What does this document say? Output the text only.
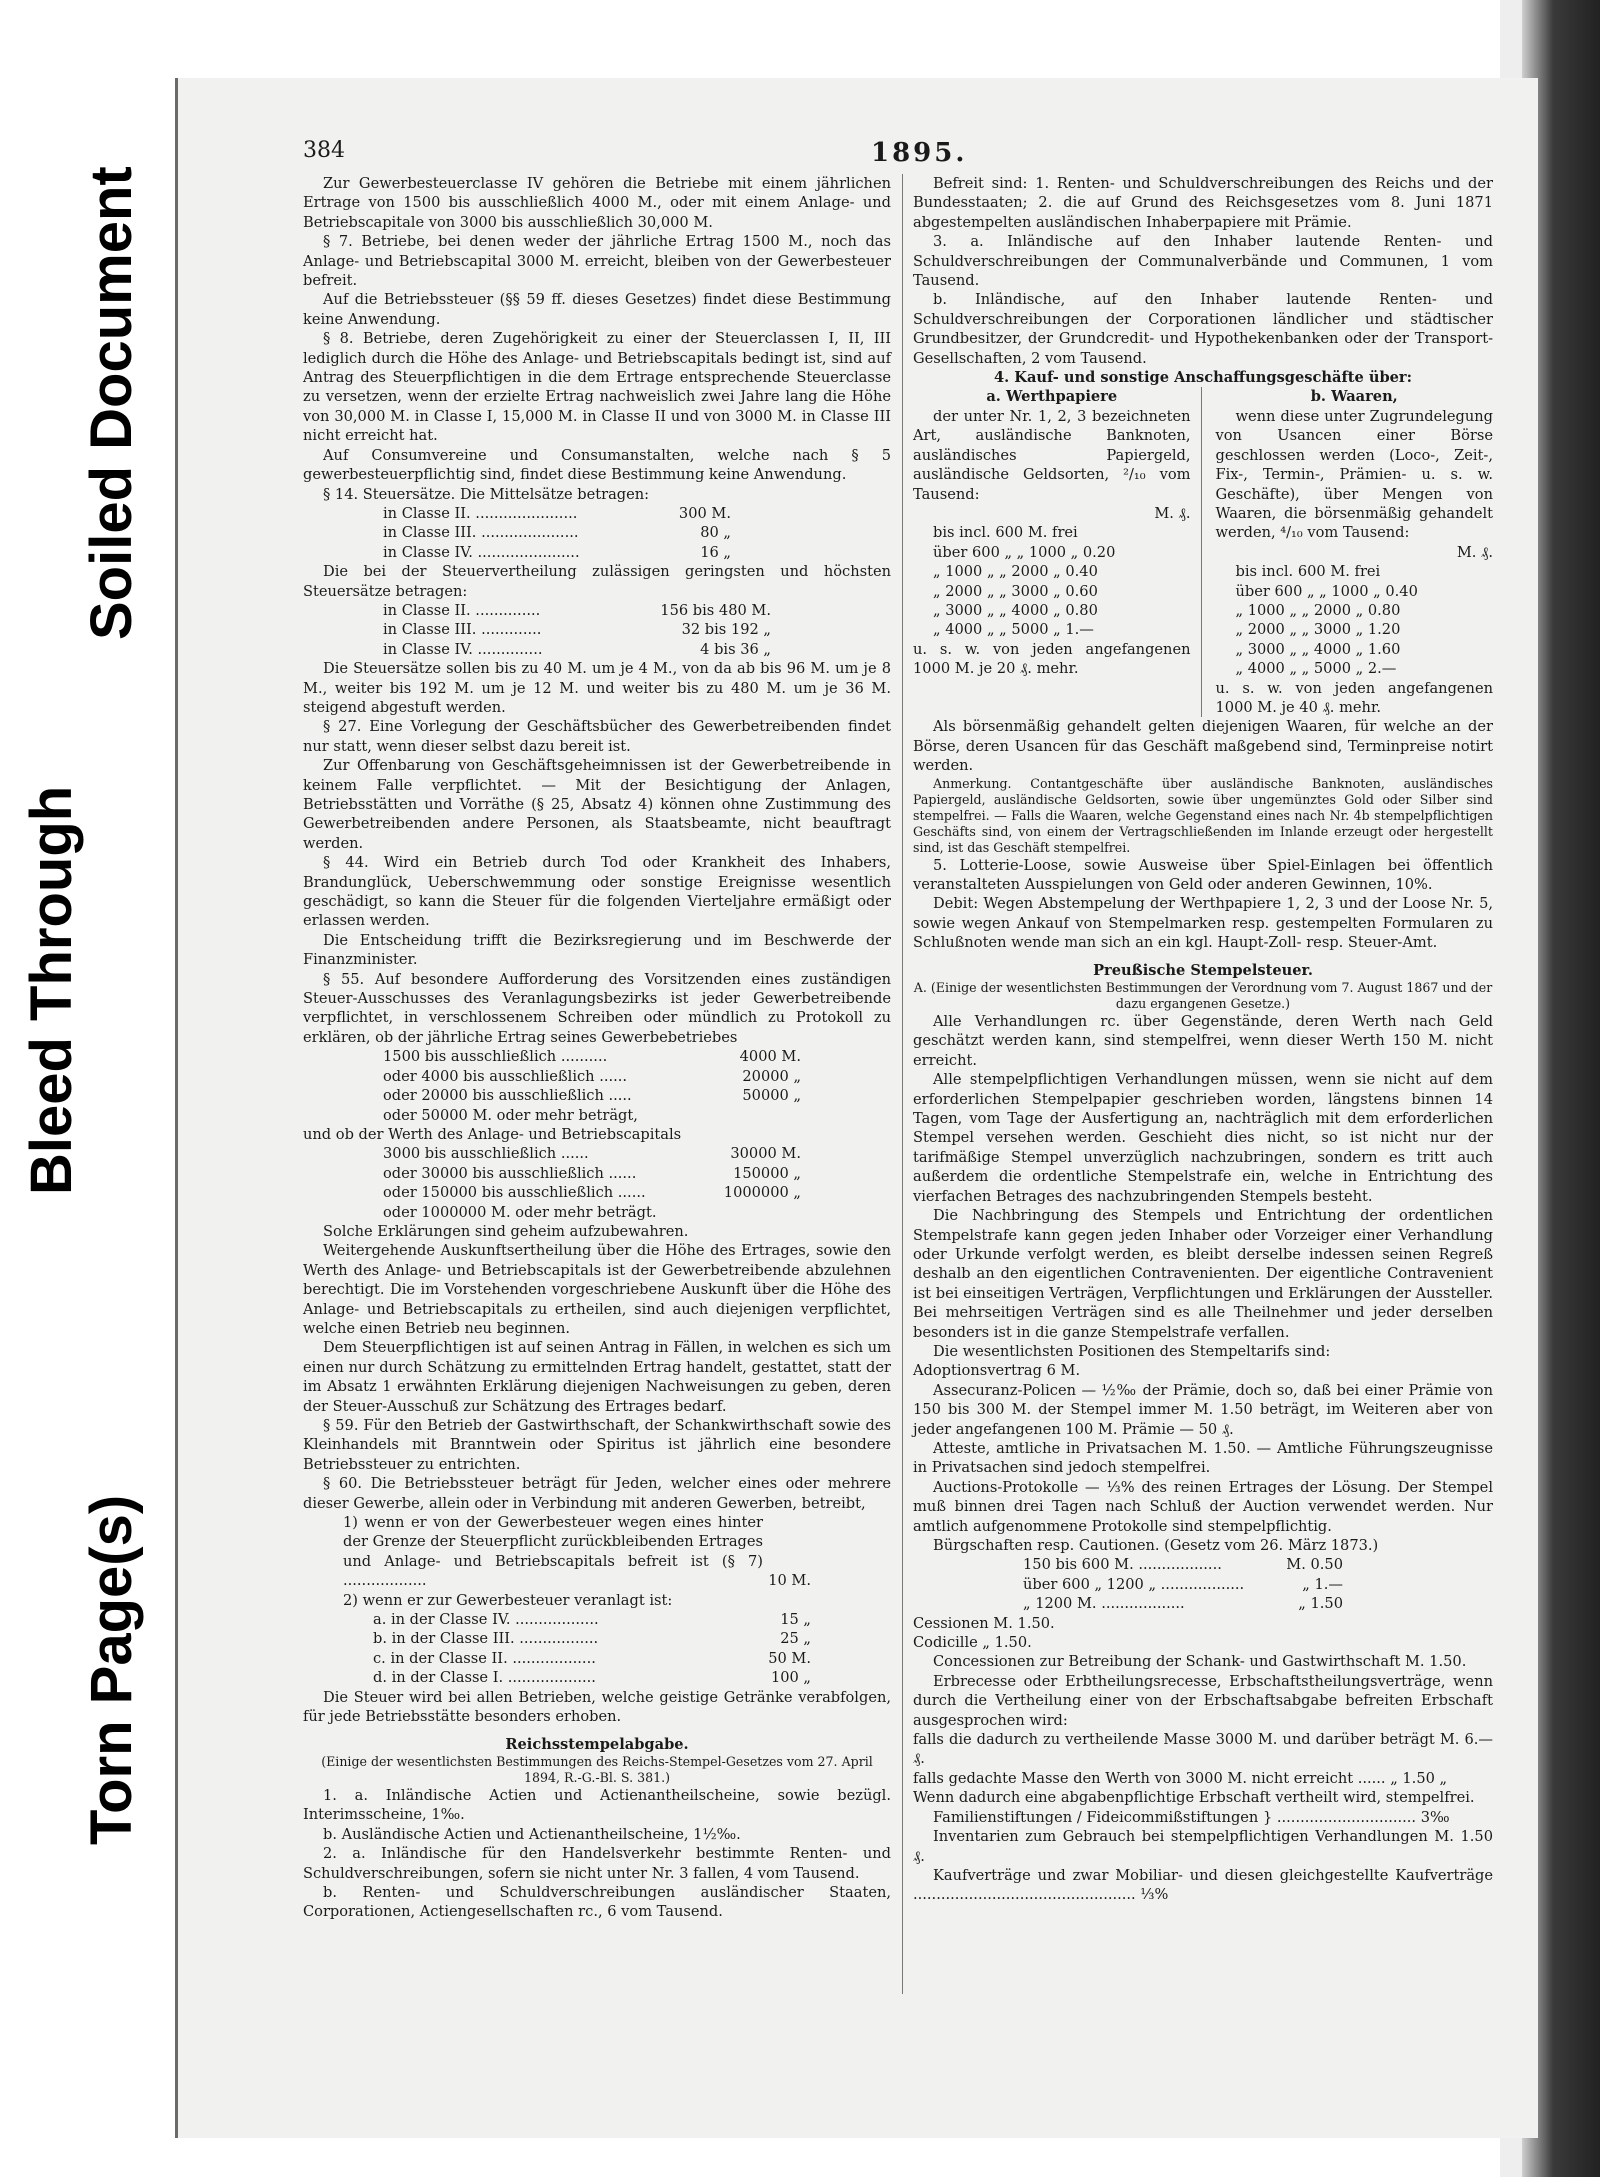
Bleed Through
Soiled Document
Torn Page(s)
384	1895.

Zur Gewerbesteuerclasse IV gehören die Betriebe mit einem jährlichen Ertrage von 1500 bis ausschließlich 4000 M., oder mit einem Anlage- und Betriebscapitale von 3000 bis ausschließlich 30,000 M.

§ 7. Betriebe, bei denen weder der jährliche Ertrag 1500 M., noch das Anlage- und Betriebscapital 3000 M. erreicht, bleiben von der Gewerbesteuer befreit.

Auf die Betriebssteuer (§§ 59 ff. dieses Gesetzes) findet diese Bestimmung keine Anwendung.

§ 8. Betriebe, deren Zugehörigkeit zu einer der Steuerclassen I, II, III lediglich durch die Höhe des Anlage- und Betriebscapitals bedingt ist, sind auf Antrag des Steuerpflichtigen in die dem Ertrage entsprechende Steuerclasse zu versetzen, wenn der erzielte Ertrag nachweislich zwei Jahre lang die Höhe von 30,000 M. in Classe I, 15,000 M. in Classe II und von 3000 M. in Classe III nicht erreicht hat.

Auf Consumvereine und Consumanstalten, welche nach § 5 gewerbesteuerpflichtig sind, findet diese Bestimmung keine Anwendung.

§ 14. Steuersätze. Die Mittelsätze betragen:

in Classe II. ......................	300 M.
in Classe III. .....................	80 „
in Classe IV. ......................	16 „

Die bei der Steuervertheilung zulässigen geringsten und höchsten Steuersätze betragen:

in Classe II. ..............	156 bis 480 M.
in Classe III. .............	32 bis 192 „
in Classe IV. ..............	4 bis 36 „

Die Steuersätze sollen bis zu 40 M. um je 4 M., von da ab bis 96 M. um je 8 M., weiter bis 192 M. um je 12 M. und weiter bis zu 480 M. um je 36 M. steigend abgestuft werden.

§ 27. Eine Vorlegung der Geschäftsbücher des Gewerbetreibenden findet nur statt, wenn dieser selbst dazu bereit ist.

Zur Offenbarung von Geschäftsgeheimnissen ist der Gewerbetreibende in keinem Falle verpflichtet. — Mit der Besichtigung der Anlagen, Betriebsstätten und Vorräthe (§ 25, Absatz 4) können ohne Zustimmung des Gewerbetreibenden andere Personen, als Staatsbeamte, nicht beauftragt werden.

§ 44. Wird ein Betrieb durch Tod oder Krankheit des Inhabers, Brandunglück, Ueberschwemmung oder sonstige Ereignisse wesentlich geschädigt, so kann die Steuer für die folgenden Vierteljahre ermäßigt oder erlassen werden.

Die Entscheidung trifft die Bezirksregierung und im Beschwerde der Finanzminister.

§ 55. Auf besondere Aufforderung des Vorsitzenden eines zuständigen Steuer-Ausschusses des Veranlagungsbezirks ist jeder Gewerbetreibende verpflichtet, in verschlossenem Schreiben oder mündlich zu Protokoll zu erklären, ob der jährliche Ertrag seines Gewerbebetriebes

1500 bis ausschließlich ..........	4000 M.
oder 4000 bis ausschließlich ......	20000 „
oder 20000 bis ausschließlich .....	50000 „
oder 50000 M. oder mehr beträgt,

und ob der Werth des Anlage- und Betriebscapitals

3000 bis ausschließlich ......	30000 M.
oder 30000 bis ausschließlich ......	150000 „
oder 150000 bis ausschließlich ......	1000000 „
oder 1000000 M. oder mehr beträgt.

Solche Erklärungen sind geheim aufzubewahren.

Weitergehende Auskunftsertheilung über die Höhe des Ertrages, sowie den Werth des Anlage- und Betriebscapitals ist der Gewerbetreibende abzulehnen berechtigt. Die im Vorstehenden vorgeschriebene Auskunft über die Höhe des Anlage- und Betriebscapitals zu ertheilen, sind auch diejenigen verpflichtet, welche einen Betrieb neu beginnen.

Dem Steuerpflichtigen ist auf seinen Antrag in Fällen, in welchen es sich um einen nur durch Schätzung zu ermittelnden Ertrag handelt, gestattet, statt der im Absatz 1 erwähnten Erklärung diejenigen Nachweisungen zu geben, deren der Steuer-Ausschuß zur Schätzung des Ertrages bedarf.

§ 59. Für den Betrieb der Gastwirthschaft, der Schankwirthschaft sowie des Kleinhandels mit Branntwein oder Spiritus ist jährlich eine besondere Betriebssteuer zu entrichten.

§ 60. Die Betriebssteuer beträgt für Jeden, welcher eines oder mehrere dieser Gewerbe, allein oder in Verbindung mit anderen Gewerben, betreibt,

1) wenn er von der Gewerbesteuer wegen eines hinter der Grenze der Steuerpflicht zurückbleibenden Ertrages und Anlage- und Betriebscapitals befreit ist (§ 7) ..................	10 M.
2) wenn er zur Gewerbesteuer veranlagt ist:
a. in der Classe IV. ..................	15 „
b. in der Classe III. .................	25 „
c. in der Classe II. ..................	50 M.
d. in der Classe I. ...................	100 „

Die Steuer wird bei allen Betrieben, welche geistige Getränke verabfolgen, für jede Betriebsstätte besonders erhoben.

Reichsstempelabgabe.

(Einige der wesentlichsten Bestimmungen des Reichs-Stempel-Gesetzes vom 27. April 1894, R.-G.-Bl. S. 381.)

1. a. Inländische Actien und Actienantheilscheine, sowie bezügl. Interimsscheine, 1‰.

b. Ausländische Actien und Actienantheilscheine, 1½‰.

2. a. Inländische für den Handelsverkehr bestimmte Renten- und Schuldverschreibungen, sofern sie nicht unter Nr. 3 fallen, 4 vom Tausend.

b. Renten- und Schuldverschreibungen ausländischer Staaten, Corporationen, Actiengesellschaften rc., 6 vom Tausend.

Befreit sind: 1. Renten- und Schuldverschreibungen des Reichs und der Bundesstaaten; 2. die auf Grund des Reichsgesetzes vom 8. Juni 1871 abgestempelten ausländischen Inhaberpapiere mit Prämie.

3. a. Inländische auf den Inhaber lautende Renten- und Schuldverschreibungen der Communalverbände und Communen, 1 vom Tausend.

b. Inländische, auf den Inhaber lautende Renten- und Schuldverschreibungen der Corporationen ländlicher und städtischer Grundbesitzer, der Grundcredit- und Hypothekenbanken oder der Transport-Gesellschaften, 2 vom Tausend.

4. Kauf- und sonstige Anschaffungsgeschäfte über:

a. Werthpapiere

der unter Nr. 1, 2, 3 bezeichneten Art, ausländische Banknoten, ausländisches Papiergeld, ausländische Geldsorten, ²/₁₀ vom Tausend:

M. ₰.

bis incl. 600 M. frei
über 600 „ „ 1000 „ 0.20
„ 1000 „ „ 2000 „ 0.40
„ 2000 „ „ 3000 „ 0.60
„ 3000 „ „ 4000 „ 0.80
„ 4000 „ „ 5000 „ 1.—

u. s. w. von jeden angefangenen 1000 M. je 20 ₰. mehr.

b. Waaren,

wenn diese unter Zugrundelegung von Usancen einer Börse geschlossen werden (Loco-, Zeit-, Fix-, Termin-, Prämien- u. s. w. Geschäfte), über Mengen von Waaren, die börsenmäßig gehandelt werden, ⁴/₁₀ vom Tausend:

M. ₰.

bis incl. 600 M. frei
über 600 „ „ 1000 „ 0.40
„ 1000 „ „ 2000 „ 0.80
„ 2000 „ „ 3000 „ 1.20
„ 3000 „ „ 4000 „ 1.60
„ 4000 „ „ 5000 „ 2.—

u. s. w. von jeden angefangenen 1000 M. je 40 ₰. mehr.

Als börsenmäßig gehandelt gelten diejenigen Waaren, für welche an der Börse, deren Usancen für das Geschäft maßgebend sind, Terminpreise notirt werden.

Anmerkung. Contantgeschäfte über ausländische Banknoten, ausländisches Papiergeld, ausländische Geldsorten, sowie über ungemünztes Gold oder Silber sind stempelfrei. — Falls die Waaren, welche Gegenstand eines nach Nr. 4b stempelpflichtigen Geschäfts sind, von einem der Vertragschließenden im Inlande erzeugt oder hergestellt sind, ist das Geschäft stempelfrei.

5. Lotterie-Loose, sowie Ausweise über Spiel-Einlagen bei öffentlich veranstalteten Ausspielungen von Geld oder anderen Gewinnen, 10%.

Debit: Wegen Abstempelung der Werthpapiere 1, 2, 3 und der Loose Nr. 5, sowie wegen Ankauf von Stempelmarken resp. gestempelten Formularen zu Schlußnoten wende man sich an ein kgl. Haupt-Zoll- resp. Steuer-Amt.

Preußische Stempelsteuer.

A. (Einige der wesentlichsten Bestimmungen der Verordnung vom 7. August 1867 und der dazu ergangenen Gesetze.)

Alle Verhandlungen rc. über Gegenstände, deren Werth nach Geld geschätzt werden kann, sind stempelfrei, wenn dieser Werth 150 M. nicht erreicht.

Alle stempelpflichtigen Verhandlungen müssen, wenn sie nicht auf dem erforderlichen Stempelpapier geschrieben worden, längstens binnen 14 Tagen, vom Tage der Ausfertigung an, nachträglich mit dem erforderlichen Stempel versehen werden. Geschieht dies nicht, so ist nicht nur der tarifmäßige Stempel unverzüglich nachzubringen, sondern es tritt auch außerdem die ordentliche Stempelstrafe ein, welche in Entrichtung des vierfachen Betrages des nachzubringenden Stempels besteht.

Die Nachbringung des Stempels und Entrichtung der ordentlichen Stempelstrafe kann gegen jeden Inhaber oder Vorzeiger einer Verhandlung oder Urkunde verfolgt werden, es bleibt derselbe indessen seinen Regreß deshalb an den eigentlichen Contravenienten. Der eigentliche Contravenient ist bei einseitigen Verträgen, Verpflichtungen und Erklärungen der Aussteller. Bei mehrseitigen Verträgen sind es alle Theilnehmer und jeder derselben besonders ist in die ganze Stempelstrafe verfallen.

Die wesentlichsten Positionen des Stempeltarifs sind:

Adoptionsvertrag 6 M.

Assecuranz-Policen — ½‰ der Prämie, doch so, daß bei einer Prämie von 150 bis 300 M. der Stempel immer M. 1.50 beträgt, im Weiteren aber von jeder angefangenen 100 M. Prämie — 50 ₰.

Atteste, amtliche in Privatsachen M. 1.50. — Amtliche Führungszeugnisse in Privatsachen sind jedoch stempelfrei.

Auctions-Protokolle — ⅓% des reinen Ertrages der Lösung. Der Stempel muß binnen drei Tagen nach Schluß der Auction verwendet werden. Nur amtlich aufgenommene Protokolle sind stempelpflichtig.

Bürgschaften resp. Cautionen. (Gesetz vom 26. März 1873.)

150 bis 600 M. ..................	M. 0.50
über 600 „ 1200 „ ..................	„ 1.—
„ 1200 M. ..................	„ 1.50

Cessionen M. 1.50.

Codicille „ 1.50.

Concessionen zur Betreibung der Schank- und Gastwirthschaft M. 1.50.

Erbrecesse oder Erbtheilungsrecesse, Erbschaftstheilungsverträge, wenn durch die Vertheilung einer von der Erbschaftsabgabe befreiten Erbschaft ausgesprochen wird:

falls die dadurch zu vertheilende Masse 3000 M. und darüber beträgt M. 6.— ₰.

falls gedachte Masse den Werth von 3000 M. nicht erreicht ...... „ 1.50 „

Wenn dadurch eine abgabenpflichtige Erbschaft vertheilt wird, stempelfrei.

Familienstiftungen / Fideicommißstiftungen } .............................. 3‰

Inventarien zum Gebrauch bei stempelpflichtigen Verhandlungen M. 1.50 ₰.

Kaufverträge und zwar Mobiliar- und diesen gleichgestellte Kaufverträge ................................................ ⅓%
